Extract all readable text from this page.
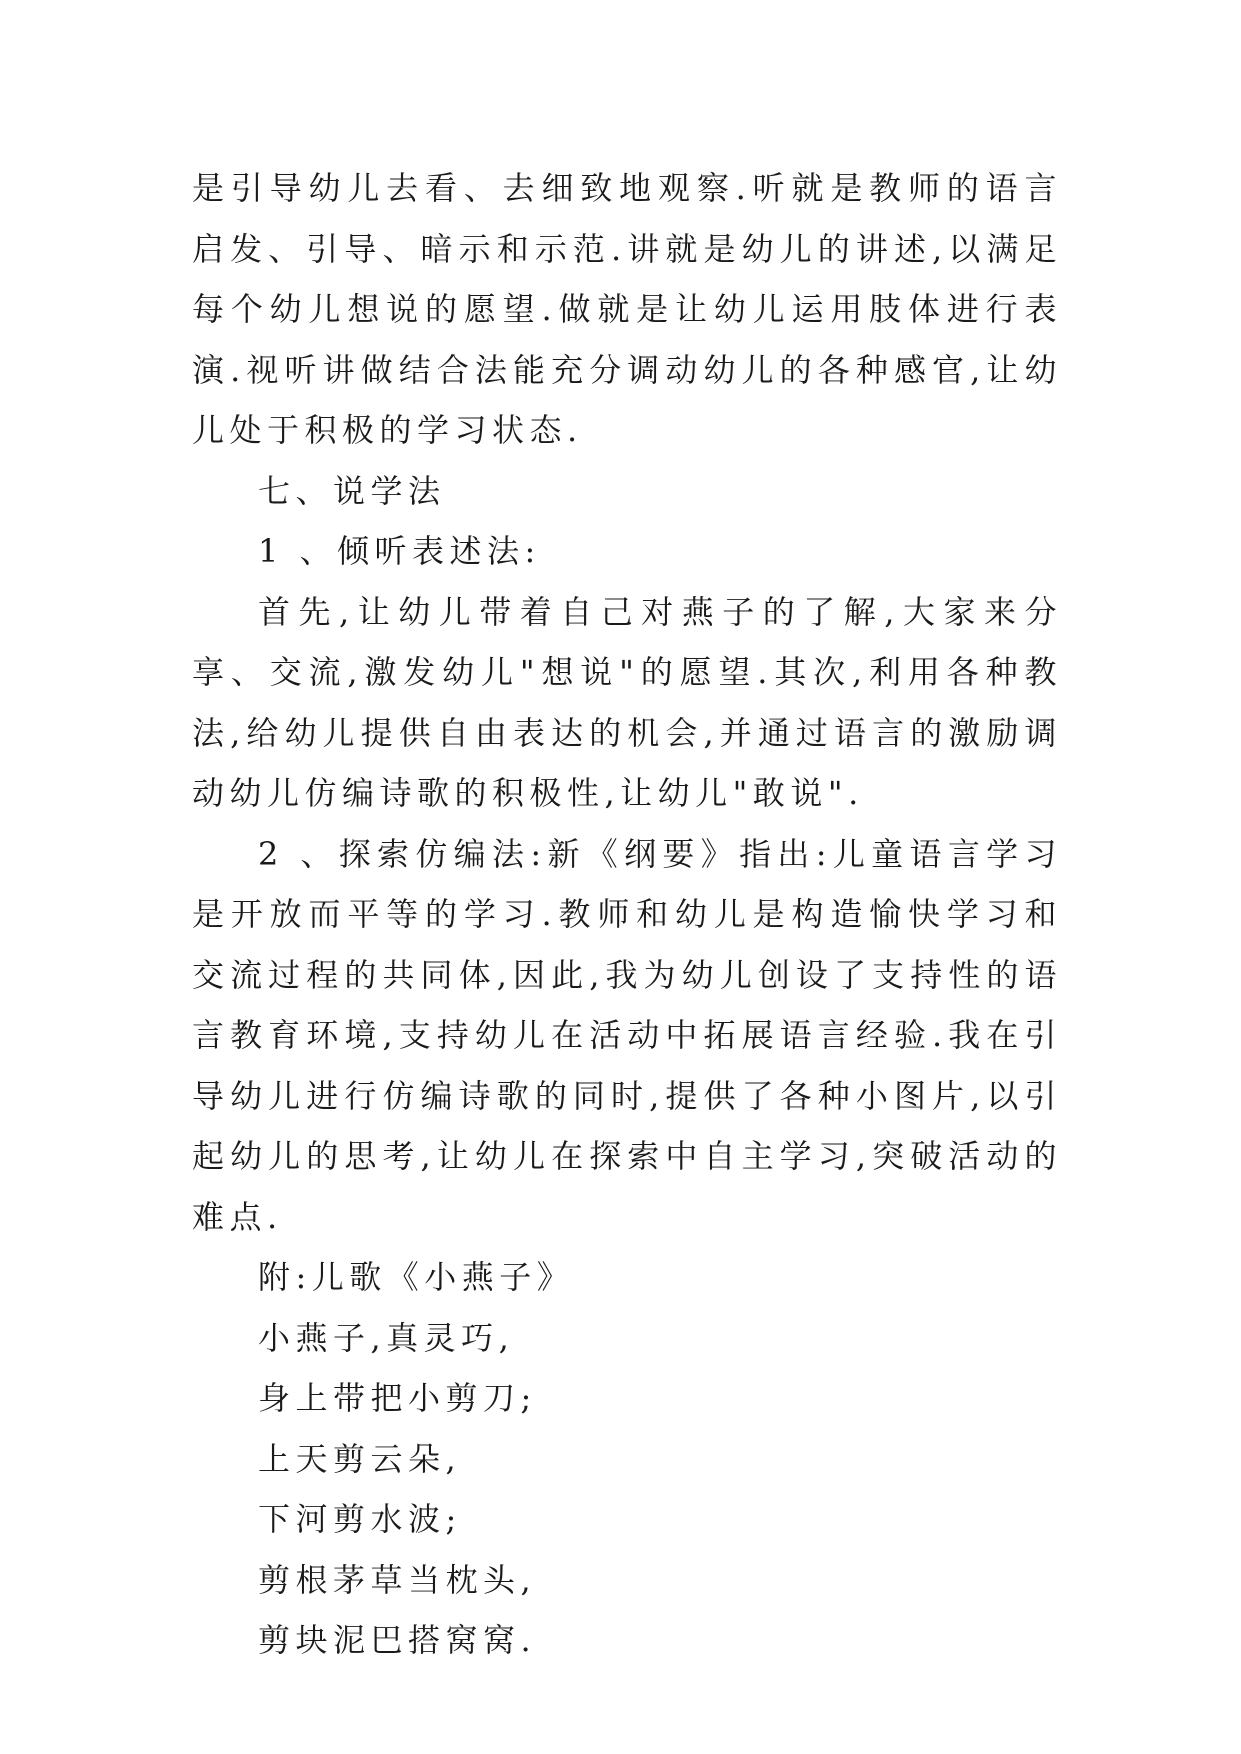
是引导幼儿去看、去细致地观察.听就是教师的语言启发、引导、暗示和示范.讲就是幼儿的讲述,以满足每个幼儿想说的愿望.做就是让幼儿运用肢体进行表演.视听讲做结合法能充分调动幼儿的各种感官,让幼儿处于积极的学习状态.

七、说学法

1 、倾听表述法:

首先,让幼儿带着自己对燕子的了解,大家来分享、交流,激发幼儿"想说"的愿望.其次,利用各种教法,给幼儿提供自由表达的机会,并通过语言的激励调动幼儿仿编诗歌的积极性,让幼儿"敢说".

2 、探索仿编法:新《纲要》指出:儿童语言学习是开放而平等的学习.教师和幼儿是构造愉快学习和交流过程的共同体,因此,我为幼儿创设了支持性的语言教育环境,支持幼儿在活动中拓展语言经验.我在引导幼儿进行仿编诗歌的同时,提供了各种小图片,以引起幼儿的思考,让幼儿在探索中自主学习,突破活动的难点.

附:儿歌《小燕子》

小燕子,真灵巧,

身上带把小剪刀;

上天剪云朵,

下河剪水波;

剪根茅草当枕头,

剪块泥巴搭窝窝.
